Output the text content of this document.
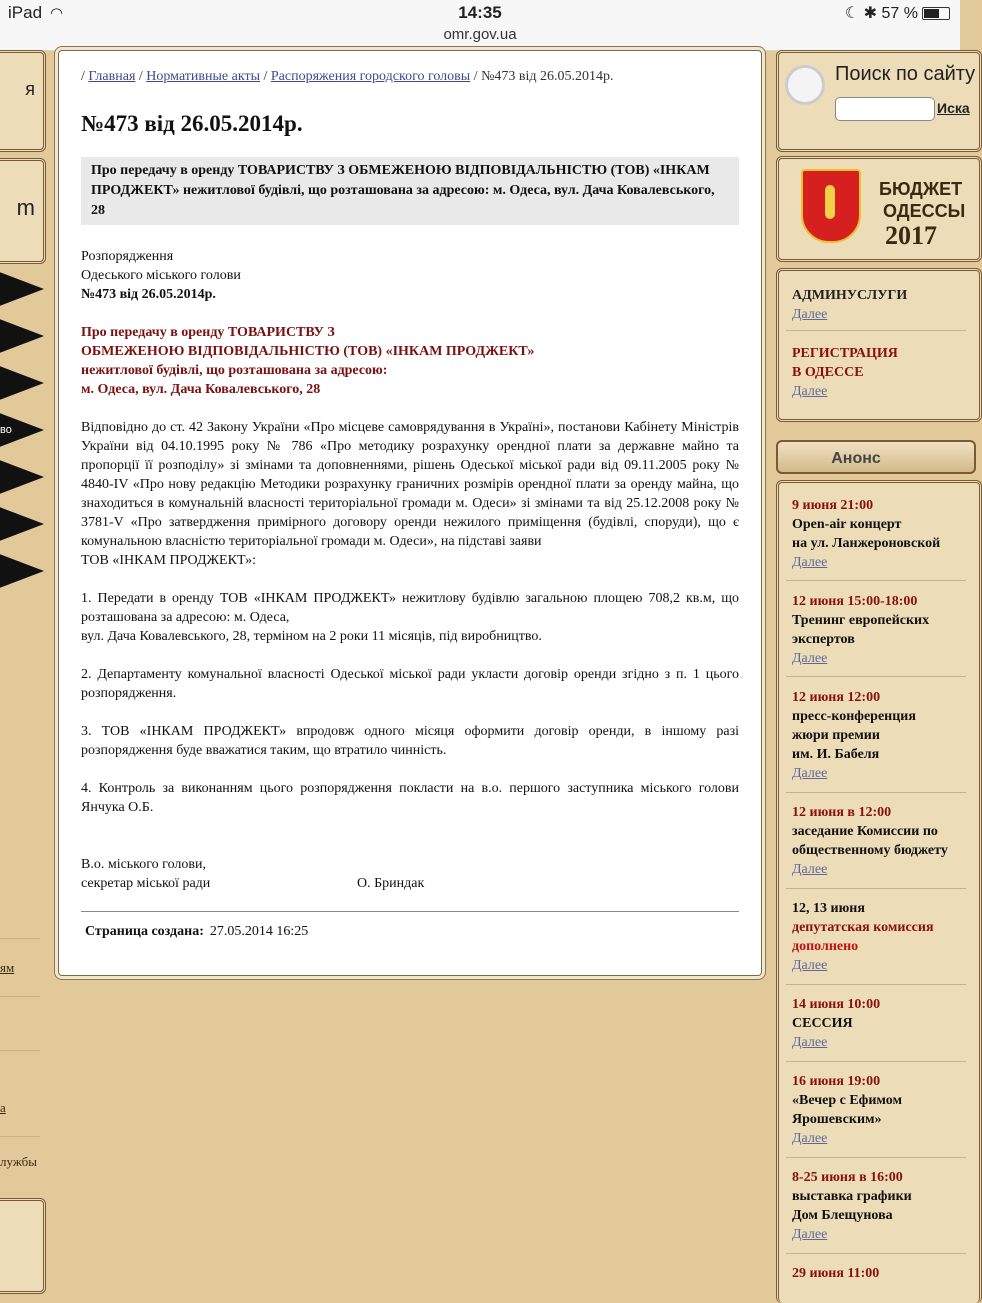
iPad ◠	14:35
omr.gov.ua
☾ ✱ 57 %
я
m
во
ям
а
лужбы
/ Главная / Нормативные акты / Распоряжения городского головы / №473 від 26.05.2014р.
№473 від 26.05.2014р.
Про передачу в оренду ТОВАРИСТВУ З ОБМЕЖЕНОЮ ВІДПОВІДАЛЬНІСТЮ (ТОВ) «ІНКАМ ПРОДЖЕКТ» нежитлової будівлі, що розташована за адресою: м. Одеса, вул. Дача Ковалевського, 28

Розпорядження

Одеського міського голови

№473 від 26.05.2014р.

Про передачу в оренду ТОВАРИСТВУ З

ОБМЕЖЕНОЮ ВІДПОВІДАЛЬНІСТЮ (ТОВ) «ІНКАМ ПРОДЖЕКТ»

нежитлової будівлі, що розташована за адресою:

м. Одеса, вул. Дача Ковалевського, 28

Відповідно до ст. 42 Закону України «Про місцеве самоврядування в Україні», постанови Кабінету Міністрів України від 04.10.1995 року № 786 «Про методику розрахунку орендної плати за державне майно та пропорції її розподілу» зі змінами та доповненнями, рішень Одеської міської ради від 09.11.2005 року № 4840-IV «Про нову редакцію Методики розрахунку граничних розмірів орендної плати за оренду майна, що знаходиться в комунальній власності територіальної громади м. Одеси» зі змінами та від 25.12.2008 року № 3781-V «Про затвердження примірного договору оренди нежилого приміщення (будівлі, споруди), що є комунальною власністю територіальної громади м. Одеси», на підставі заяви

ТОВ «ІНКАМ ПРОДЖЕКТ»:

1. Передати в оренду ТОВ «ІНКАМ ПРОДЖЕКТ» нежитлову будівлю загальною площею 708,2 кв.м, що розташована за адресою: м. Одеса,

вул. Дача Ковалевського, 28, терміном на 2 роки 11 місяців, під виробництво.

2. Департаменту комунальної власності Одеської міської ради укласти договір оренди згідно з п. 1 цього розпорядження.

3. ТОВ «ІНКАМ ПРОДЖЕКТ» впродовж одного місяця оформити договір оренди, в іншому разі розпорядження буде вважатися таким, що втратило чинність.

4. Контроль за виконанням цього розпорядження покласти на в.о. першого заступника міського голови Янчука О.Б.

В.о. міського голови,

секретар міської ради	О. Бриндак
Страница создана: 27.05.2014 16:25
Поиск по сайту
Иска
БЮДЖЕТ
ОДЕССЫ
2017
АДМИНУСЛУГИ
Далее
РЕГИСТРАЦИЯ
В ОДЕССЕ
Далее
Анонс
9 июня 21:00
Open-air концерт
на ул. Ланжероновской
Далее
12 июня 15:00-18:00
Тренинг европейских
экспертов
Далее
12 июня 12:00
пресс-конференция
жюри премии
им. И. Бабеля
Далее
12 июня в 12:00
заседание Комиссии по
общественному бюджету
Далее
12, 13 июня
депутатская комиссия
дополнено
Далее
14 июня 10:00
СЕССИЯ
Далее
16 июня 19:00
«Вечер с Ефимом
Ярошевским»
Далее
8-25 июня в 16:00
выставка графики
Дом Блещунова
Далее
29 июня 11:00
